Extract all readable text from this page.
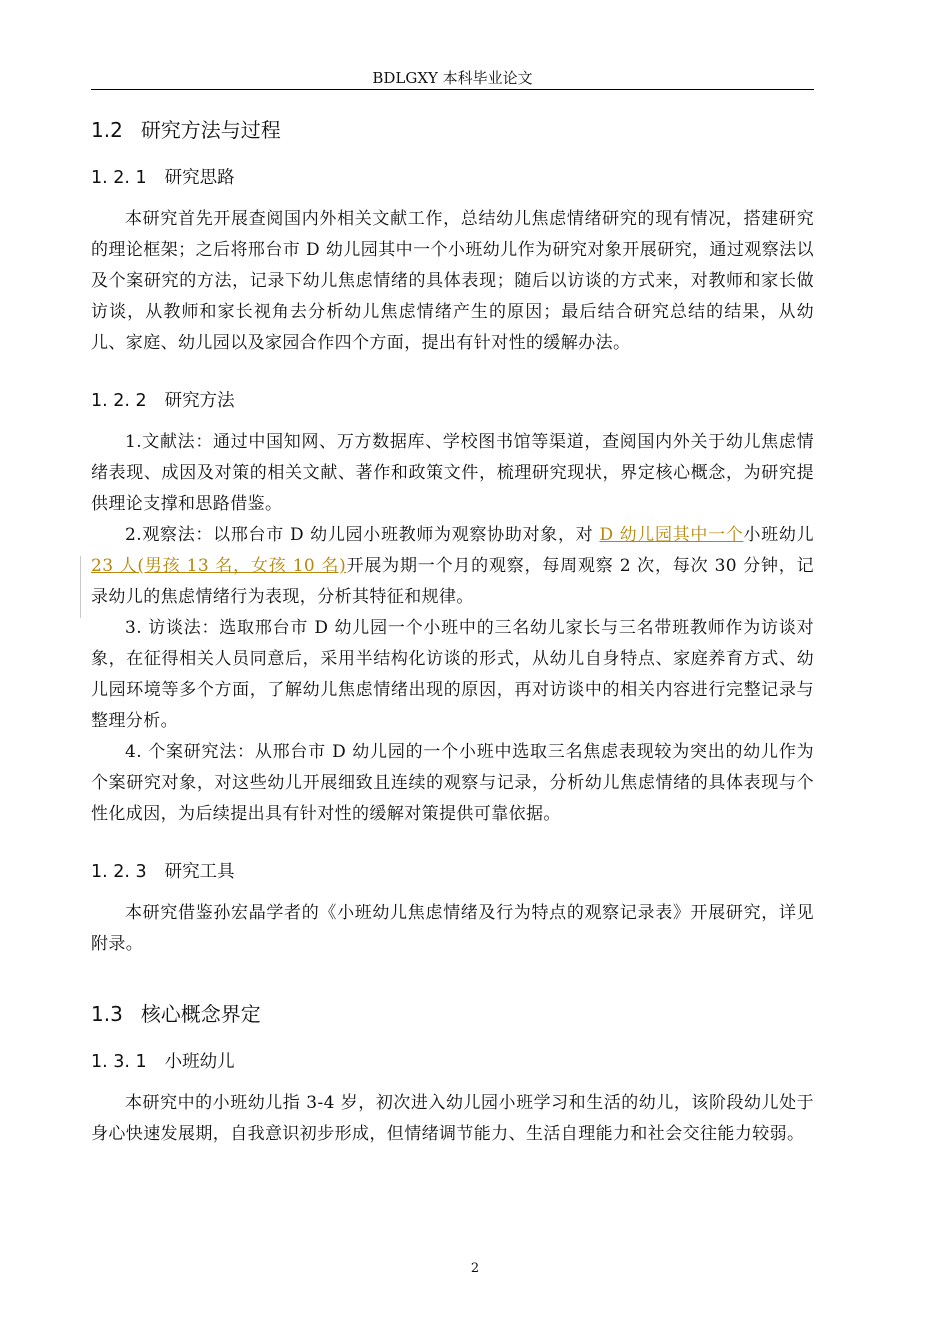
BDLGXY 本科毕业论文
1.2 研究方法与过程
1. 2. 1 研究思路

本研究首先开展查阅国内外相关文献工作，总结幼儿焦虑情绪研究的现有情况，搭建研究的理论框架；之后将邢台市 D 幼儿园其中一个小班幼儿作为研究对象开展研究，通过观察法以及个案研究的方法，记录下幼儿焦虑情绪的具体表现；随后以访谈的方式来，对教师和家长做访谈，从教师和家长视角去分析幼儿焦虑情绪产生的原因；最后结合研究总结的结果，从幼儿、家庭、幼儿园以及家园合作四个方面，提出有针对性的缓解办法。

1. 2. 2 研究方法

1.文献法：通过中国知网、万方数据库、学校图书馆等渠道，查阅国内外关于幼儿焦虑情绪表现、成因及对策的相关文献、著作和政策文件，梳理研究现状，界定核心概念，为研究提供理论支撑和思路借鉴。

2.观察法：以邢台市 D 幼儿园小班教师为观察协助对象，对 D 幼儿园其中一个小班幼儿 23 人(男孩 13 名，女孩 10 名)开展为期一个月的观察，每周观察 2 次，每次 30 分钟，记录幼儿的焦虑情绪行为表现，分析其特征和规律。

3. 访谈法：选取邢台市 D 幼儿园一个小班中的三名幼儿家长与三名带班教师作为访谈对象，在征得相关人员同意后，采用半结构化访谈的形式，从幼儿自身特点、家庭养育方式、幼儿园环境等多个方面，了解幼儿焦虑情绪出现的原因，再对访谈中的相关内容进行完整记录与整理分析。

4. 个案研究法：从邢台市 D 幼儿园的一个小班中选取三名焦虑表现较为突出的幼儿作为个案研究对象，对这些幼儿开展细致且连续的观察与记录，分析幼儿焦虑情绪的具体表现与个性化成因，为后续提出具有针对性的缓解对策提供可靠依据。

1. 2. 3 研究工具

本研究借鉴孙宏晶学者的《小班幼儿焦虑情绪及行为特点的观察记录表》开展研究，详见附录。

1.3 核心概念界定
1. 3. 1 小班幼儿

本研究中的小班幼儿指 3-4 岁，初次进入幼儿园小班学习和生活的幼儿，该阶段幼儿处于身心快速发展期，自我意识初步形成，但情绪调节能力、生活自理能力和社会交往能力较弱。

2
